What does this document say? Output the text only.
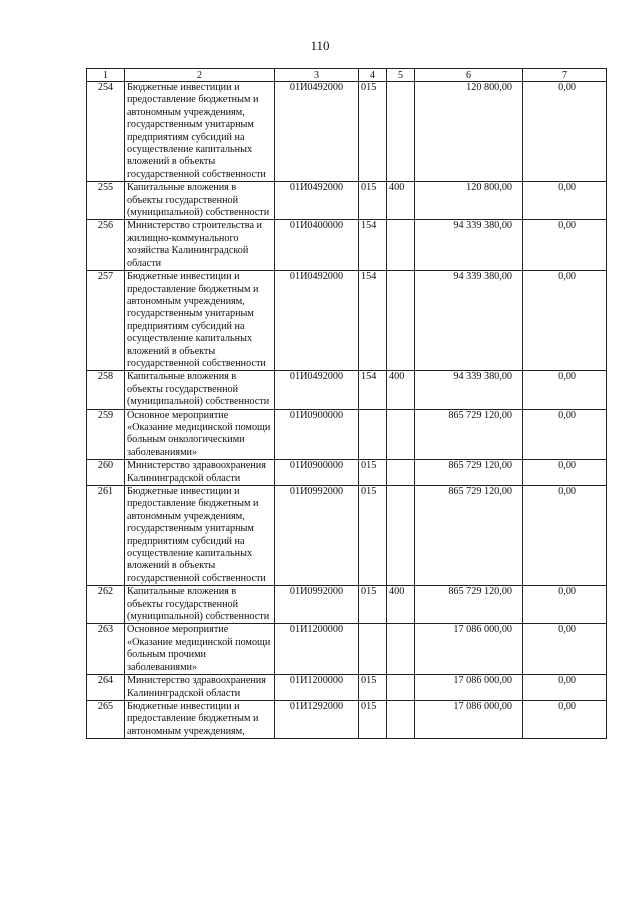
110
1	2	3	4	5	6	7
254	Бюджетные инвестиции и предоставление бюджетным и автономным учреждениям, государственным унитарным предприятиям субсидий на осуществление капитальных вложений в объекты государственной собственности	01И0492000	015		120 800,00	0,00
255	Капитальные вложения в объекты государственной (муниципальной) собственности	01И0492000	015	400	120 800,00	0,00
256	Министерство строительства и жилищно-коммунального хозяйства Калининградской области	01И0400000	154		94 339 380,00	0,00
257	Бюджетные инвестиции и предоставление бюджетным и автономным учреждениям, государственным унитарным предприятиям субсидий на осуществление капитальных вложений в объекты государственной собственности	01И0492000	154		94 339 380,00	0,00
258	Капитальные вложения в объекты государственной (муниципальной) собственности	01И0492000	154	400	94 339 380,00	0,00
259	Основное мероприятие «Оказание медицинской помощи больным онкологическими заболеваниями»	01И0900000			865 729 120,00	0,00
260	Министерство здравоохранения Калининградской области	01И0900000	015		865 729 120,00	0,00
261	Бюджетные инвестиции и предоставление бюджетным и автономным учреждениям, государственным унитарным предприятиям субсидий на осуществление капитальных вложений в объекты государственной собственности	01И0992000	015		865 729 120,00	0,00
262	Капитальные вложения в объекты государственной (муниципальной) собственности	01И0992000	015	400	865 729 120,00	0,00
263	Основное мероприятие «Оказание медицинской помощи больным прочими заболеваниями»	01И1200000			17 086 000,00	0,00
264	Министерство здравоохранения Калининградской области	01И1200000	015		17 086 000,00	0,00
265	Бюджетные инвестиции и предоставление бюджетным и автономным учреждениям,	01И1292000	015		17 086 000,00	0,00
